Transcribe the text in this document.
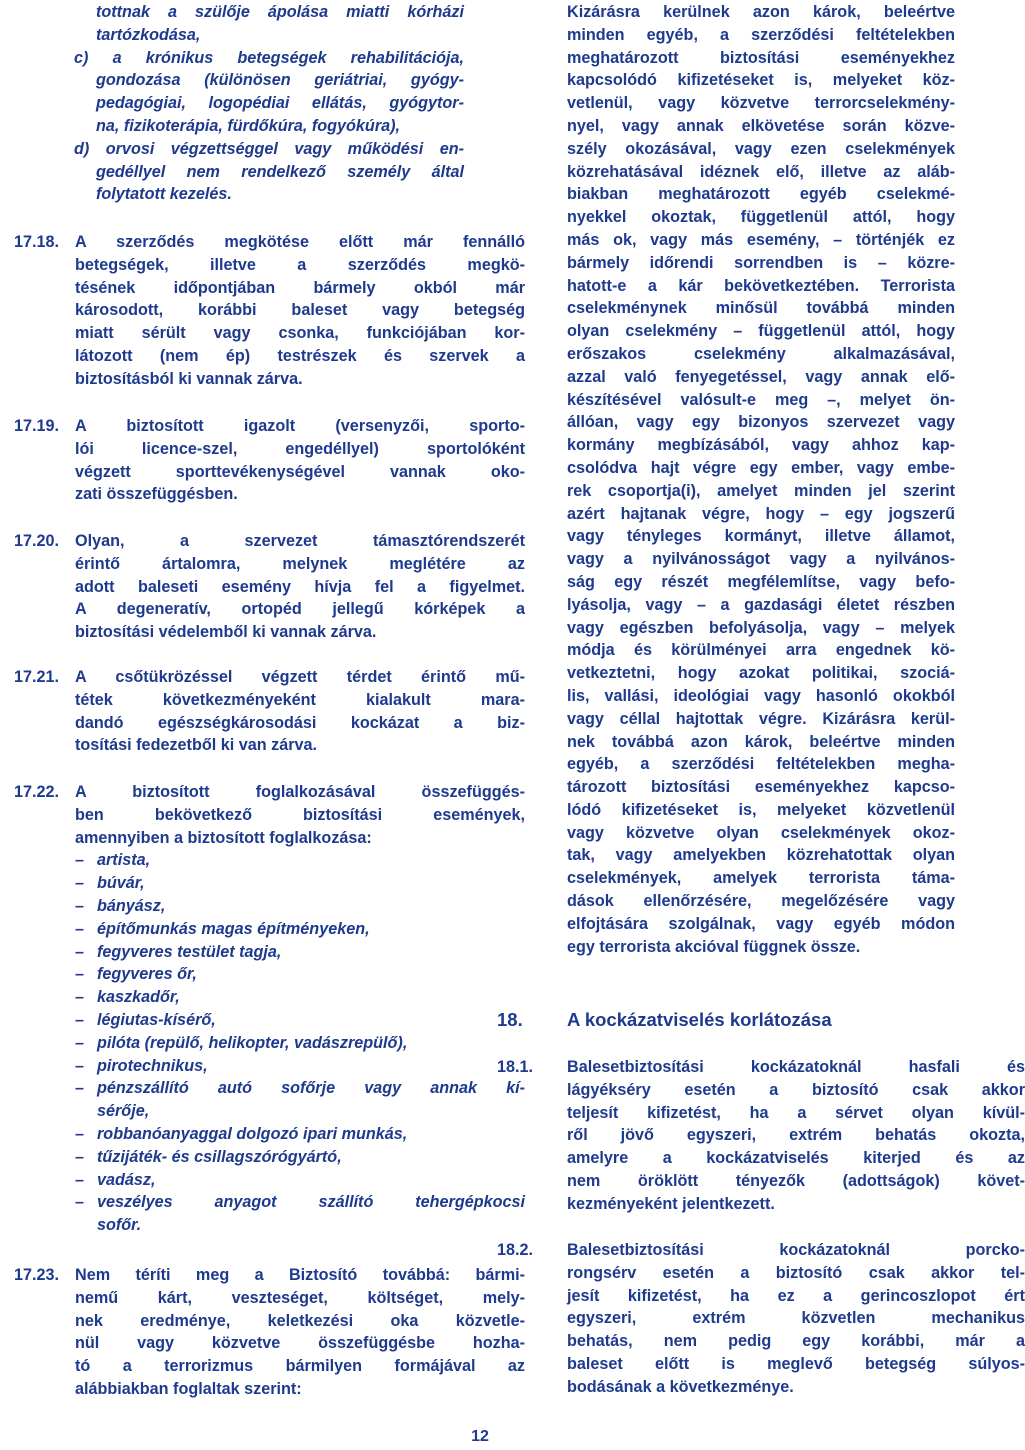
tottnak a szülője ápolása miatti kórházi
tartózkodása,
c) a krónikus betegségek rehabilitációja,
gondozása (különösen geriátriai, gyógy-
pedagógiai, logopédiai ellátás, gyógytor-
na, fizikoterápia, fürdőkúra, fogyókúra),
d) orvosi végzettséggel vagy működési en-
gedéllyel nem rendelkező személy által
folytatott kezelés.
17.18. A szerződés megkötése előtt már fennálló
betegségek, illetve a szerződés megkö-
tésének időpontjában bármely okból már
károsodott, korábbi baleset vagy betegség
miatt sérült vagy csonka, funkciójában kor-
látozott (nem ép) testrészek és szervek a
biztosításból ki vannak zárva.
17.19. A biztosított igazolt (versenyzői, sporto-
lói licence-szel, engedéllyel) sportolóként
végzett sporttevékenységével vannak oko-
zati összefüggésben.
17.20. Olyan, a szervezet támasztórendszerét
érintő ártalomra, melynek meglétére az
adott baleseti esemény hívja fel a figyelmet.
A degeneratív, ortopéd jellegű kórképek a
biztosítási védelemből ki vannak zárva.
17.21. A csőtükrözéssel végzett térdet érintő mű-
tétek következményeként kialakult mara-
dandó egészségkárosodási kockázat a biz-
tosítási fedezetből ki van zárva.
17.22. A biztosított foglalkozásával összefüggés-
ben bekövetkező biztosítási események,
amennyiben a biztosított foglalkozása:
– artista,
– búvár,
– bányász,
– építőmunkás magas építményeken,
– fegyveres testület tagja,
– fegyveres őr,
– kaszkadőr,
– légiutas-kísérő,
– pilóta (repülő, helikopter, vadászrepülő),
– pirotechnikus,
– pénzszállító autó sofőrje vagy annak kí-
sérője,
– robbanóanyaggal dolgozó ipari munkás,
– tűzijáték- és csillagszórógyártó,
– vadász,
– veszélyes anyagot szállító tehergépkocsi
sofőr.
17.23. Nem téríti meg a Biztosító továbbá: bármi-
nemű kárt, veszteséget, költséget, mely-
nek eredménye, keletkezési oka közvetle-
nül vagy közvetve összefüggésbe hozha-
tó a terrorizmus bármilyen formájával az
alábbiakban foglaltak szerint:
Kizárásra kerülnek azon károk, beleértve
minden egyéb, a szerződési feltételekben
meghatározott biztosítási eseményekhez
kapcsolódó kifizetéseket is, melyeket köz-
vetlenül, vagy közvetve terrorcselekmény-
nyel, vagy annak elkövetése során közve-
szély okozásával, vagy ezen cselekmények
közrehatásával idéznek elő, illetve az aláb-
biakban meghatározott egyéb cselekmé-
nyekkel okoztak, függetlenül attól, hogy
más ok, vagy más esemény, – történjék ez
bármely időrendi sorrendben is – közre-
hatott-e a kár bekövetkeztében. Terrorista
cselekménynek minősül továbbá minden
olyan cselekmény – függetlenül attól, hogy
erőszakos cselekmény alkalmazásával,
azzal való fenyegetéssel, vagy annak elő-
készítésével valósult-e meg –, melyet ön-
állóan, vagy egy bizonyos szervezet vagy
kormány megbízásából, vagy ahhoz kap-
csolódva hajt végre egy ember, vagy embe-
rek csoportja(i), amelyet minden jel szerint
azért hajtanak végre, hogy – egy jogszerű
vagy tényleges kormányt, illetve államot,
vagy a nyilvánosságot vagy a nyilvános-
ság egy részét megfélemlítse, vagy befo-
lyásolja, vagy – a gazdasági életet részben
vagy egészben befolyásolja, vagy – melyek
módja és körülményei arra engednek kö-
vetkeztetni, hogy azokat politikai, szociá-
lis, vallási, ideológiai vagy hasonló okokból
vagy céllal hajtottak végre. Kizárásra kerül-
nek továbbá azon károk, beleértve minden
egyéb, a szerződési feltételekben megha-
tározott biztosítási eseményekhez kapcso-
lódó kifizetéseket is, melyeket közvetlenül
vagy közvetve olyan cselekmények okoz-
tak, vagy amelyekben közrehatottak olyan
cselekmények, amelyek terrorista táma-
dások ellenőrzésére, megelőzésére vagy
elfojtására szolgálnak, vagy egyéb módon
egy terrorista akcióval függnek össze.
18. A kockázatviselés korlátozása
18.1. Balesetbiztosítási kockázatoknál hasfali és
lágyékséry esetén a biztosító csak akkor
teljesít kifizetést, ha a sérvet olyan kívül-
ről jövő egyszeri, extrém behatás okozta,
amelyre a kockázatviselés kiterjed és az
nem öröklött tényezők (adottságok) követ-
kezményeként jelentkezett.
18.2. Balesetbiztosítási kockázatoknál porcko-
rongsérv esetén a biztosító csak akkor tel-
jesít kifizetést, ha ez a gerincoszlopot ért
egyszeri, extrém közvetlen mechanikus
behatás, nem pedig egy korábbi, már a
baleset előtt is meglevő betegség súlyos-
bodásának a következménye.
12
